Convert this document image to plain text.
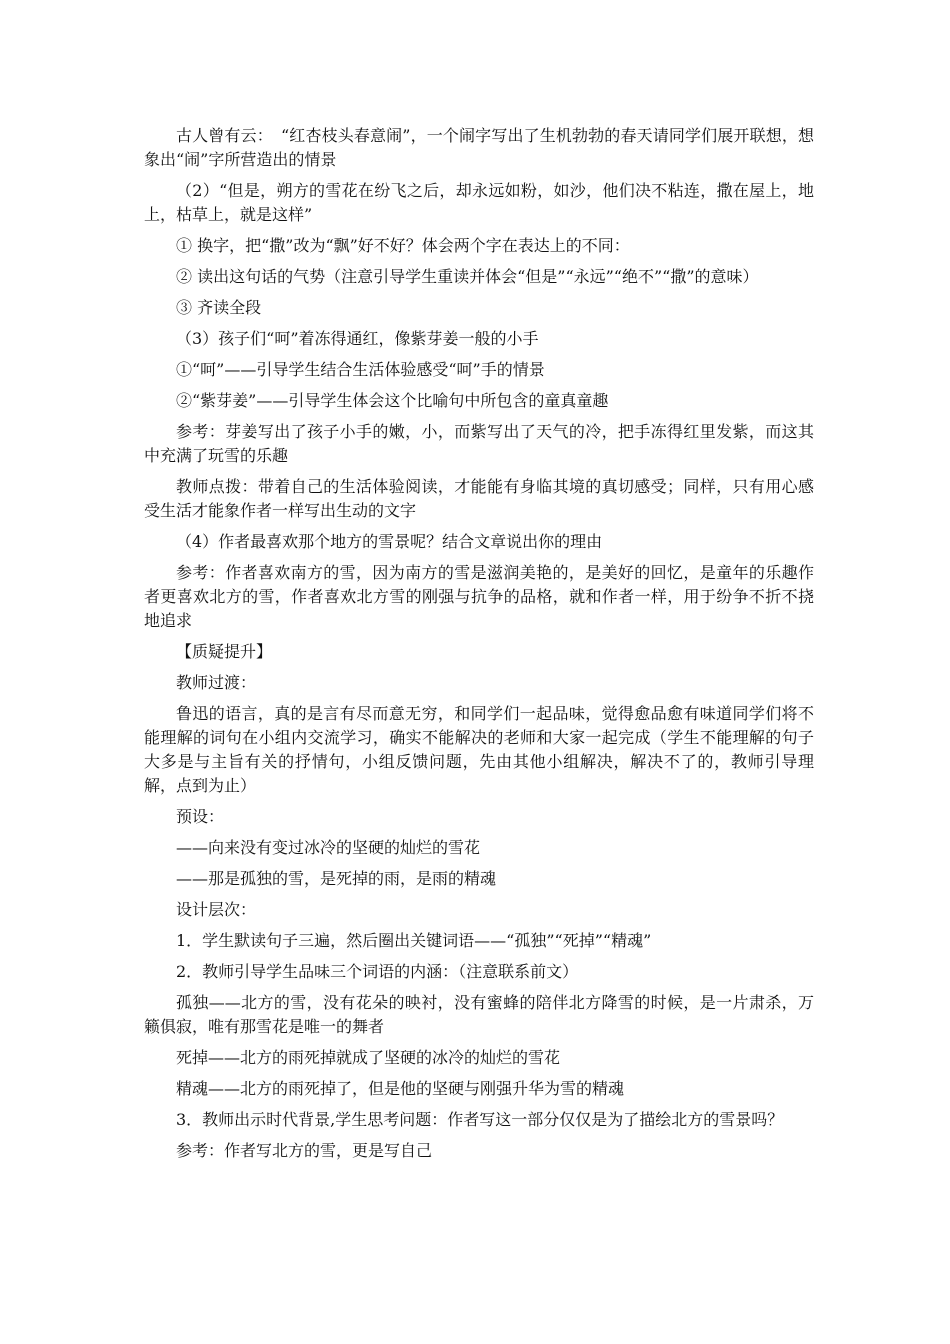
古人曾有云：　“红杏枝头春意闹”，一个闹字写出了生机勃勃的春天请同学们展开联想，想象出“闹”字所营造出的情景

（2）“但是，朔方的雪花在纷飞之后，却永远如粉，如沙，他们决不粘连，撒在屋上，地上，枯草上，就是这样”

① 换字，把“撒”改为“飘”好不好？体会两个字在表达上的不同：

② 读出这句话的气势（注意引导学生重读并体会“但是”“永远”“绝不”“撒”的意味）

③ 齐读全段

（3）孩子们“呵”着冻得通红，像紫芽姜一般的小手

①“呵”——引导学生结合生活体验感受“呵”手的情景

②“紫芽姜”——引导学生体会这个比喻句中所包含的童真童趣

参考：芽姜写出了孩子小手的嫩，小，而紫写出了天气的冷，把手冻得红里发紫，而这其中充满了玩雪的乐趣

教师点拨：带着自己的生活体验阅读，才能能有身临其境的真切感受；同样，只有用心感受生活才能象作者一样写出生动的文字

（4）作者最喜欢那个地方的雪景呢？结合文章说出你的理由

参考：作者喜欢南方的雪，因为南方的雪是滋润美艳的，是美好的回忆，是童年的乐趣作者更喜欢北方的雪，作者喜欢北方雪的刚强与抗争的品格，就和作者一样，用于纷争不折不挠地追求

【质疑提升】

教师过渡：

鲁迅的语言，真的是言有尽而意无穷，和同学们一起品味，觉得愈品愈有味道同学们将不能理解的词句在小组内交流学习，确实不能解决的老师和大家一起完成（学生不能理解的句子大多是与主旨有关的抒情句，小组反馈问题，先由其他小组解决，解决不了的，教师引导理解，点到为止）

预设：

——向来没有变过冰冷的坚硬的灿烂的雪花

——那是孤独的雪，是死掉的雨，是雨的精魂

设计层次：

1．学生默读句子三遍，然后圈出关键词语——“孤独”“死掉”“精魂”

2．教师引导学生品味三个词语的内涵：（注意联系前文）

孤独——北方的雪，没有花朵的映衬，没有蜜蜂的陪伴北方降雪的时候，是一片肃杀，万籁俱寂，唯有那雪花是唯一的舞者

死掉——北方的雨死掉就成了坚硬的冰冷的灿烂的雪花

精魂——北方的雨死掉了，但是他的坚硬与刚强升华为雪的精魂

3．教师出示时代背景,学生思考问题：作者写这一部分仅仅是为了描绘北方的雪景吗？

参考：作者写北方的雪，更是写自己
